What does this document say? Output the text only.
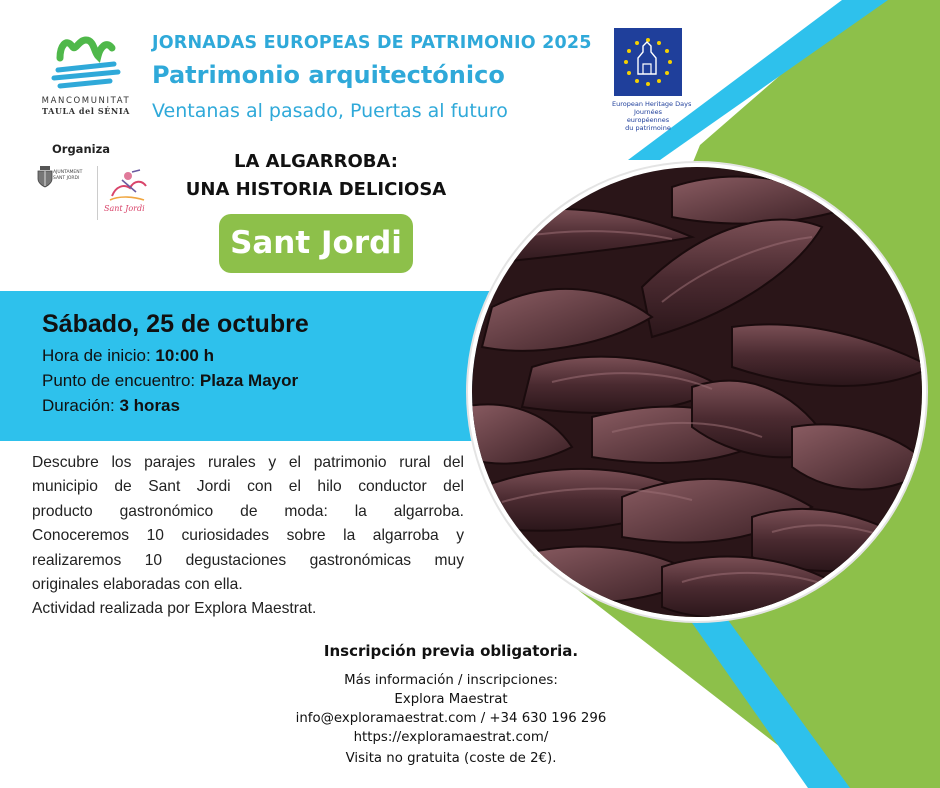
MANCOMUNITAT
TAULA del SÉNIA
JORNADAS EUROPEAS DE PATRIMONIO 2025
Patrimonio arquitectónico
Ventanas al pasado, Puertas al futuro	European Heritage Days
Journées européennes
du patrimoine
Organiza
AJUNTAMENT
SANT JORDI
Sant Jordi
LA ALGARROBA:
UNA HISTORIA DELICIOSA
Sant Jordi
Sábado, 25 de octubre
Hora de inicio: 10:00 h
Punto de encuentro: Plaza Mayor
Duración: 3 horas
Descubre los parajes rurales y el patrimonio rural del
municipio de Sant Jordi con el hilo conductor del
producto gastronómico de moda: la algarroba.
Conoceremos 10 curiosidades sobre la algarroba y
realizaremos 10 degustaciones gastronómicas muy
originales elaboradas con ella.
Actividad realizada por Explora Maestrat.
Inscripción previa obligatoria.
Más información / inscripciones:
Explora Maestrat
info@exploramaestrat.com / +34 630 196 296
https://exploramaestrat.com/
Visita no gratuita (coste de 2€).
